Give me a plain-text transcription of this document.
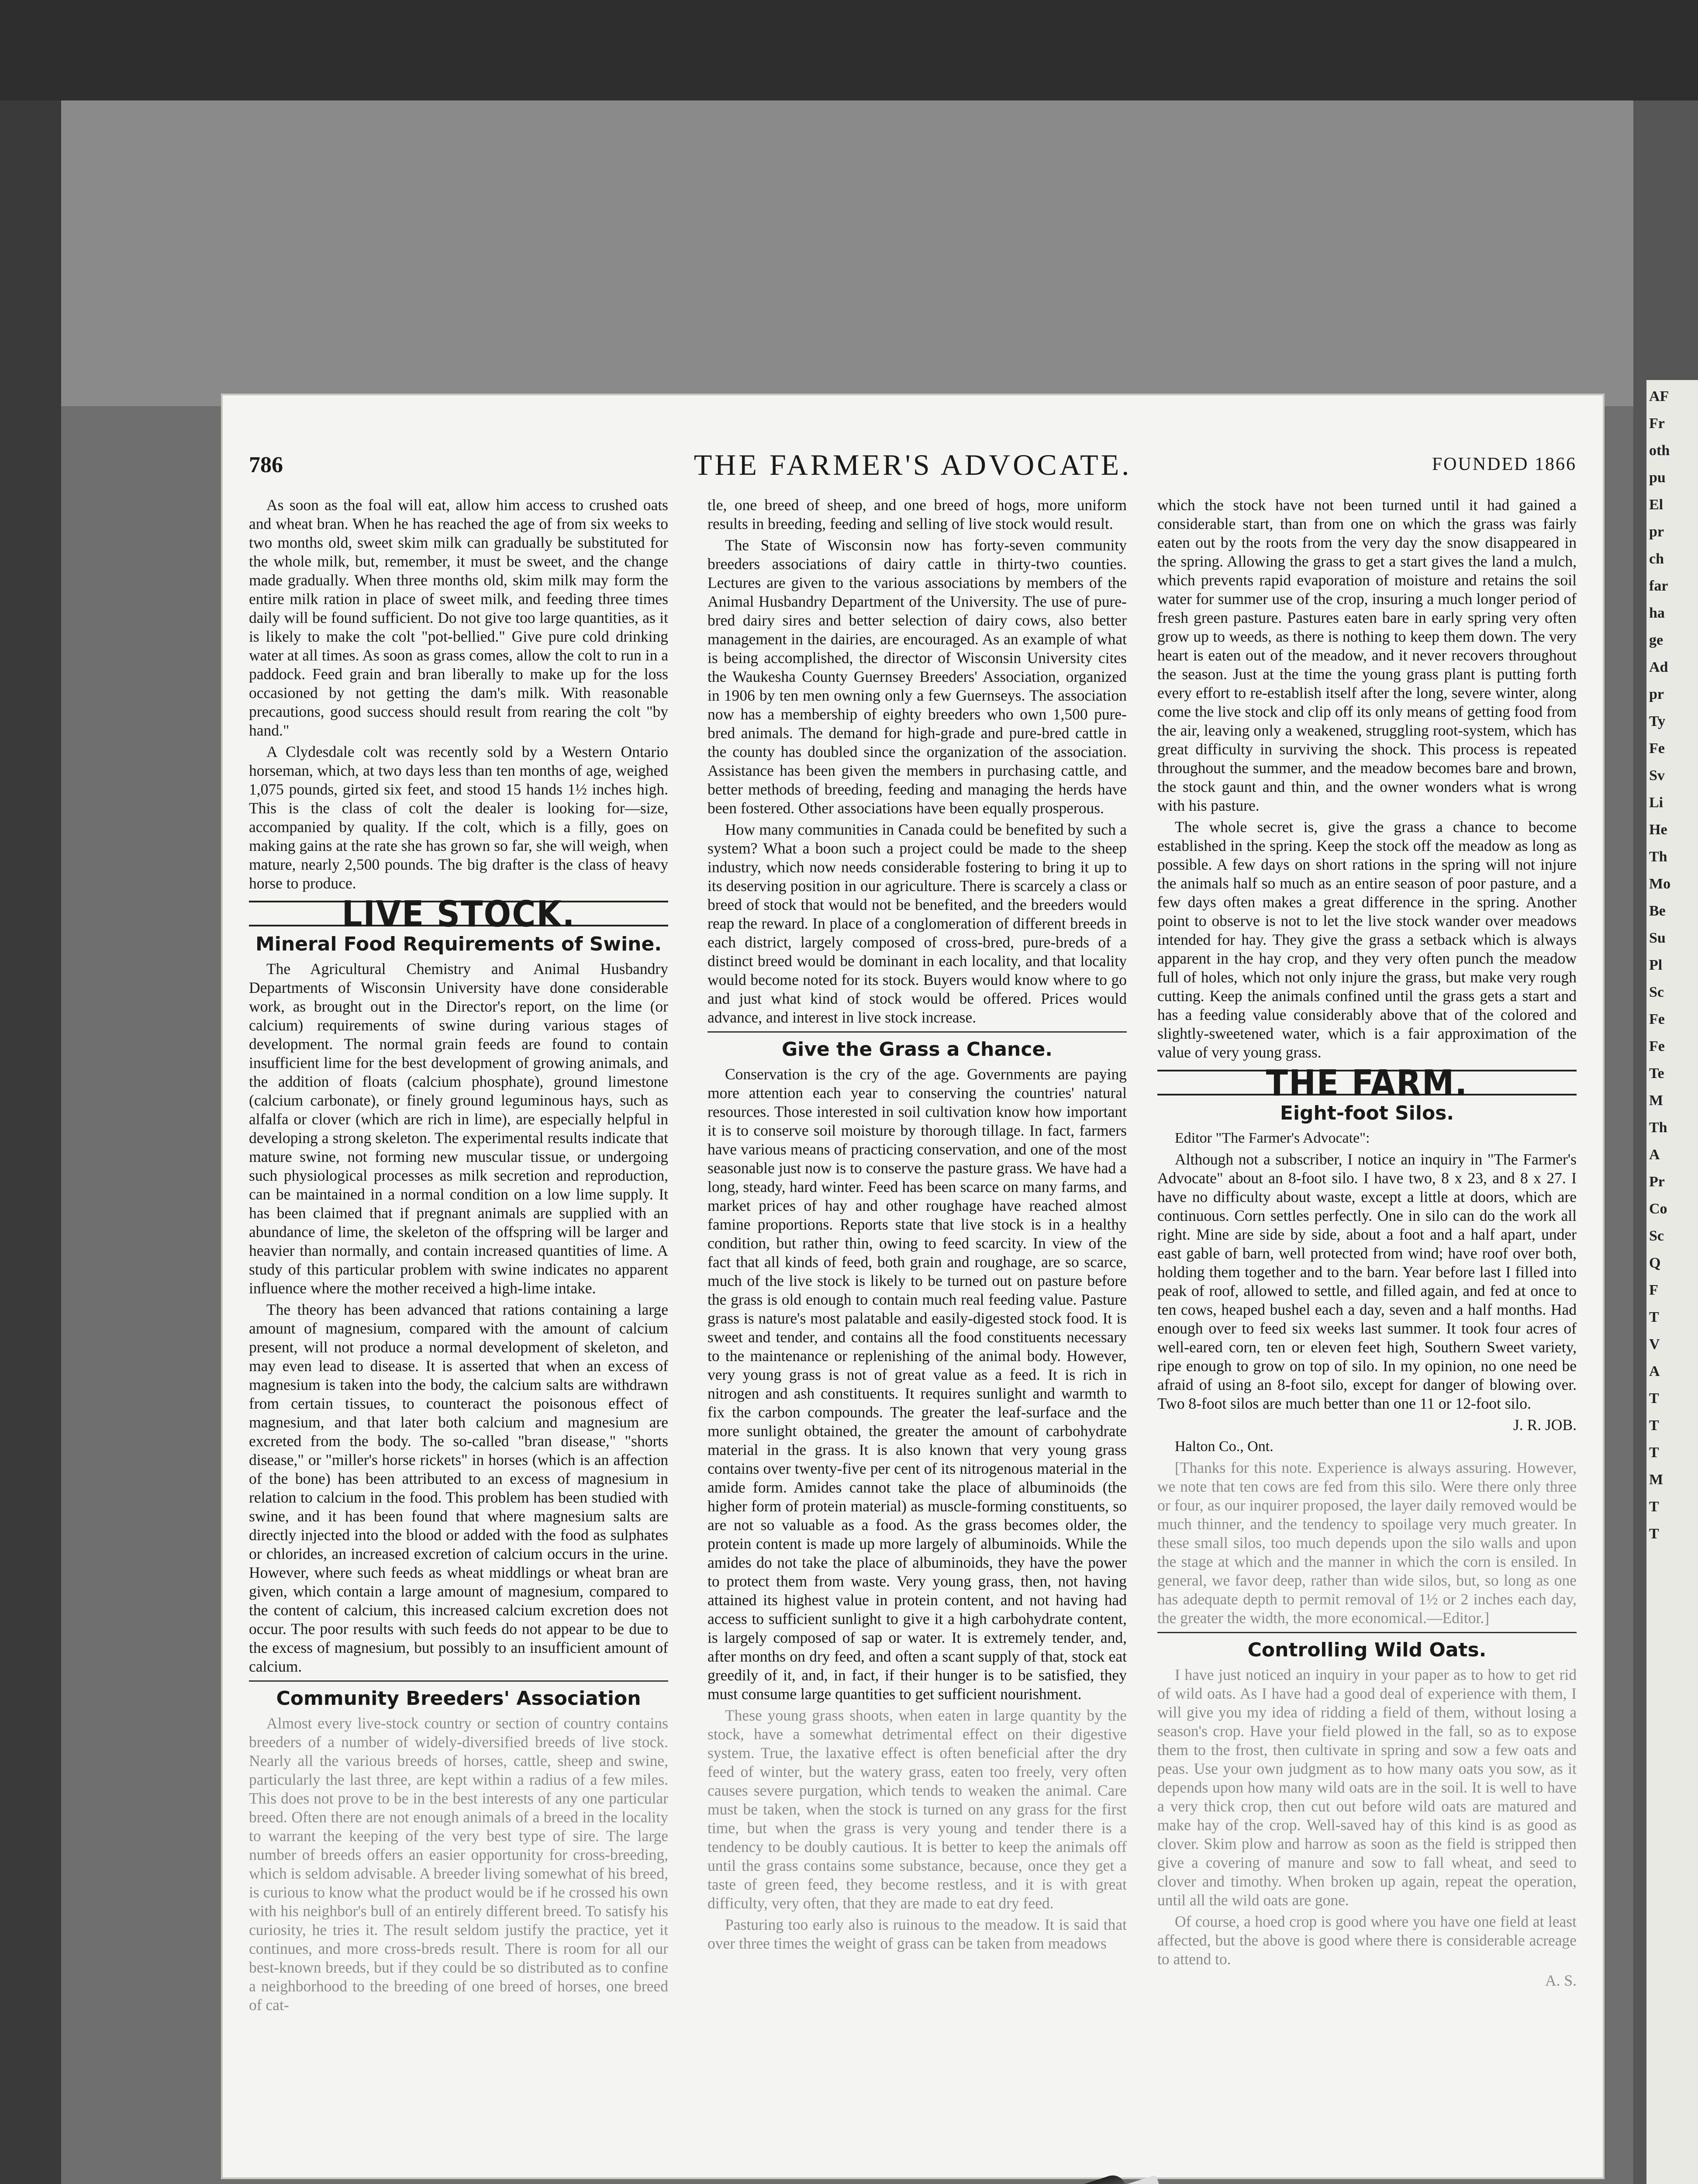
AF
Fr
oth
pu
El
pr
ch
far
ha
ge
Ad
pr
Ty
Fe
Sv
Li
He
Th
Mo
Be
Su
Pl
Sc
Fe
Fe
Te
M
Th
A
Pr
Co
Sc
Q
F
T
V
A
T
T
T
M
T
T
786	THE FARMER'S ADVOCATE.	FOUNDED 1866

As soon as the foal will eat, allow him access to crushed oats and wheat bran. When he has reached the age of from six weeks to two months old, sweet skim milk can gradually be substituted for the whole milk, but, remember, it must be sweet, and the change made gradually. When three months old, skim milk may form the entire milk ration in place of sweet milk, and feeding three times daily will be found sufficient. Do not give too large quantities, as it is likely to make the colt "pot-bellied." Give pure cold drinking water at all times. As soon as grass comes, allow the colt to run in a paddock. Feed grain and bran liberally to make up for the loss occasioned by not getting the dam's milk. With reasonable precautions, good success should result from rearing the colt "by hand."

A Clydesdale colt was recently sold by a Western Ontario horseman, which, at two days less than ten months of age, weighed 1,075 pounds, girted six feet, and stood 15 hands 1½ inches high. This is the class of colt the dealer is looking for—size, accompanied by quality. If the colt, which is a filly, goes on making gains at the rate she has grown so far, she will weigh, when mature, nearly 2,500 pounds. The big drafter is the class of heavy horse to produce.

LIVE STOCK.
Mineral Food Requirements of Swine.

The Agricultural Chemistry and Animal Husbandry Departments of Wisconsin University have done considerable work, as brought out in the Director's report, on the lime (or calcium) requirements of swine during various stages of development. The normal grain feeds are found to contain insufficient lime for the best development of growing animals, and the addition of floats (calcium phosphate), ground limestone (calcium carbonate), or finely ground leguminous hays, such as alfalfa or clover (which are rich in lime), are especially helpful in developing a strong skeleton. The experimental results indicate that mature swine, not forming new muscular tissue, or undergoing such physiological processes as milk secretion and reproduction, can be maintained in a normal condition on a low lime supply. It has been claimed that if pregnant animals are supplied with an abundance of lime, the skeleton of the offspring will be larger and heavier than normally, and contain increased quantities of lime. A study of this particular problem with swine indicates no apparent influence where the mother received a high-lime intake.

The theory has been advanced that rations containing a large amount of magnesium, compared with the amount of calcium present, will not produce a normal development of skeleton, and may even lead to disease. It is asserted that when an excess of magnesium is taken into the body, the calcium salts are withdrawn from certain tissues, to counteract the poisonous effect of magnesium, and that later both calcium and magnesium are excreted from the body. The so-called "bran disease," "shorts disease," or "miller's horse rickets" in horses (which is an affection of the bone) has been attributed to an excess of magnesium in relation to calcium in the food. This problem has been studied with swine, and it has been found that where magnesium salts are directly injected into the blood or added with the food as sulphates or chlorides, an increased excretion of calcium occurs in the urine. However, where such feeds as wheat middlings or wheat bran are given, which contain a large amount of magnesium, compared to the content of calcium, this increased calcium excretion does not occur. The poor results with such feeds do not appear to be due to the excess of magnesium, but possibly to an insufficient amount of calcium.

Community Breeders' Association

Almost every live-stock country or section of country contains breeders of a number of widely-diversified breeds of live stock. Nearly all the various breeds of horses, cattle, sheep and swine, particularly the last three, are kept within a radius of a few miles. This does not prove to be in the best interests of any one particular breed. Often there are not enough animals of a breed in the locality to warrant the keeping of the very best type of sire. The large number of breeds offers an easier opportunity for cross-breeding, which is seldom advisable. A breeder living somewhat of his breed, is curious to know what the product would be if he crossed his own with his neighbor's bull of an entirely different breed. To satisfy his curiosity, he tries it. The result seldom justify the practice, yet it continues, and more cross-breds result. There is room for all our best-known breeds, but if they could be so distributed as to confine a neighborhood to the breeding of one breed of horses, one breed of cat-

tle, one breed of sheep, and one breed of hogs, more uniform results in breeding, feeding and selling of live stock would result.

The State of Wisconsin now has forty-seven community breeders associations of dairy cattle in thirty-two counties. Lectures are given to the various associations by members of the Animal Husbandry Department of the University. The use of pure-bred dairy sires and better selection of dairy cows, also better management in the dairies, are encouraged. As an example of what is being accomplished, the director of Wisconsin University cites the Waukesha County Guernsey Breeders' Association, organized in 1906 by ten men owning only a few Guernseys. The association now has a membership of eighty breeders who own 1,500 pure-bred animals. The demand for high-grade and pure-bred cattle in the county has doubled since the organization of the association. Assistance has been given the members in purchasing cattle, and better methods of breeding, feeding and managing the herds have been fostered. Other associations have been equally prosperous.

How many communities in Canada could be benefited by such a system? What a boon such a project could be made to the sheep industry, which now needs considerable fostering to bring it up to its deserving position in our agriculture. There is scarcely a class or breed of stock that would not be benefited, and the breeders would reap the reward. In place of a conglomeration of different breeds in each district, largely composed of cross-bred, pure-breds of a distinct breed would be dominant in each locality, and that locality would become noted for its stock. Buyers would know where to go and just what kind of stock would be offered. Prices would advance, and interest in live stock increase.

Give the Grass a Chance.

Conservation is the cry of the age. Governments are paying more attention each year to conserving the countries' natural resources. Those interested in soil cultivation know how important it is to conserve soil moisture by thorough tillage. In fact, farmers have various means of practicing conservation, and one of the most seasonable just now is to conserve the pasture grass. We have had a long, steady, hard winter. Feed has been scarce on many farms, and market prices of hay and other roughage have reached almost famine proportions. Reports state that live stock is in a healthy condition, but rather thin, owing to feed scarcity. In view of the fact that all kinds of feed, both grain and roughage, are so scarce, much of the live stock is likely to be turned out on pasture before the grass is old enough to contain much real feeding value. Pasture grass is nature's most palatable and easily-digested stock food. It is sweet and tender, and contains all the food constituents necessary to the maintenance or replenishing of the animal body. However, very young grass is not of great value as a feed. It is rich in nitrogen and ash constituents. It requires sunlight and warmth to fix the carbon compounds. The greater the leaf-surface and the more sunlight obtained, the greater the amount of carbohydrate material in the grass. It is also known that very young grass contains over twenty-five per cent of its nitrogenous material in the amide form. Amides cannot take the place of albuminoids (the higher form of protein material) as muscle-forming constituents, so are not so valuable as a food. As the grass becomes older, the protein content is made up more largely of albuminoids. While the amides do not take the place of albuminoids, they have the power to protect them from waste. Very young grass, then, not having attained its highest value in protein content, and not having had access to sufficient sunlight to give it a high carbohydrate content, is largely composed of sap or water. It is extremely tender, and, after months on dry feed, and often a scant supply of that, stock eat greedily of it, and, in fact, if their hunger is to be satisfied, they must consume large quantities to get sufficient nourishment.

These young grass shoots, when eaten in large quantity by the stock, have a somewhat detrimental effect on their digestive system. True, the laxative effect is often beneficial after the dry feed of winter, but the watery grass, eaten too freely, very often causes severe purgation, which tends to weaken the animal. Care must be taken, when the stock is turned on any grass for the first time, but when the grass is very young and tender there is a tendency to be doubly cautious. It is better to keep the animals off until the grass contains some substance, because, once they get a taste of green feed, they become restless, and it is with great difficulty, very often, that they are made to eat dry feed.

Pasturing too early also is ruinous to the meadow. It is said that over three times the weight of grass can be taken from meadows

which the stock have not been turned until it had gained a considerable start, than from one on which the grass was fairly eaten out by the roots from the very day the snow disappeared in the spring. Allowing the grass to get a start gives the land a mulch, which prevents rapid evaporation of moisture and retains the soil water for summer use of the crop, insuring a much longer period of fresh green pasture. Pastures eaten bare in early spring very often grow up to weeds, as there is nothing to keep them down. The very heart is eaten out of the meadow, and it never recovers throughout the season. Just at the time the young grass plant is putting forth every effort to re-establish itself after the long, severe winter, along come the live stock and clip off its only means of getting food from the air, leaving only a weakened, struggling root-system, which has great difficulty in surviving the shock. This process is repeated throughout the summer, and the meadow becomes bare and brown, the stock gaunt and thin, and the owner wonders what is wrong with his pasture.

The whole secret is, give the grass a chance to become established in the spring. Keep the stock off the meadow as long as possible. A few days on short rations in the spring will not injure the animals half so much as an entire season of poor pasture, and a few days often makes a great difference in the spring. Another point to observe is not to let the live stock wander over meadows intended for hay. They give the grass a setback which is always apparent in the hay crop, and they very often punch the meadow full of holes, which not only injure the grass, but make very rough cutting. Keep the animals confined until the grass gets a start and has a feeding value considerably above that of the colored and slightly-sweetened water, which is a fair approximation of the value of very young grass.

THE FARM.
Eight-foot Silos.
Editor "The Farmer's Advocate":

Although not a subscriber, I notice an inquiry in "The Farmer's Advocate" about an 8-foot silo. I have two, 8 x 23, and 8 x 27. I have no difficulty about waste, except a little at doors, which are continuous. Corn settles perfectly. One in silo can do the work all right. Mine are side by side, about a foot and a half apart, under east gable of barn, well protected from wind; have roof over both, holding them together and to the barn. Year before last I filled into peak of roof, allowed to settle, and filled again, and fed at once to ten cows, heaped bushel each a day, seven and a half months. Had enough over to feed six weeks last summer. It took four acres of well-eared corn, ten or eleven feet high, Southern Sweet variety, ripe enough to grow on top of silo. In my opinion, no one need be afraid of using an 8-foot silo, except for danger of blowing over. Two 8-foot silos are much better than one 11 or 12-foot silo.

J. R. JOB.
Halton Co., Ont.

[Thanks for this note. Experience is always assuring. However, we note that ten cows are fed from this silo. Were there only three or four, as our inquirer proposed, the layer daily removed would be much thinner, and the tendency to spoilage very much greater. In these small silos, too much depends upon the silo walls and upon the stage at which and the manner in which the corn is ensiled. In general, we favor deep, rather than wide silos, but, so long as one has adequate depth to permit removal of 1½ or 2 inches each day, the greater the width, the more economical.—Editor.]

Controlling Wild Oats.

I have just noticed an inquiry in your paper as to how to get rid of wild oats. As I have had a good deal of experience with them, I will give you my idea of ridding a field of them, without losing a season's crop. Have your field plowed in the fall, so as to expose them to the frost, then cultivate in spring and sow a few oats and peas. Use your own judgment as to how many oats you sow, as it depends upon how many wild oats are in the soil. It is well to have a very thick crop, then cut out before wild oats are matured and make hay of the crop. Well-saved hay of this kind is as good as clover. Skim plow and harrow as soon as the field is stripped then give a covering of manure and sow to fall wheat, and seed to clover and timothy. When broken up again, repeat the operation, until all the wild oats are gone.

Of course, a hoed crop is good where you have one field at least affected, but the above is good where there is considerable acreage to attend to.

A. S.
